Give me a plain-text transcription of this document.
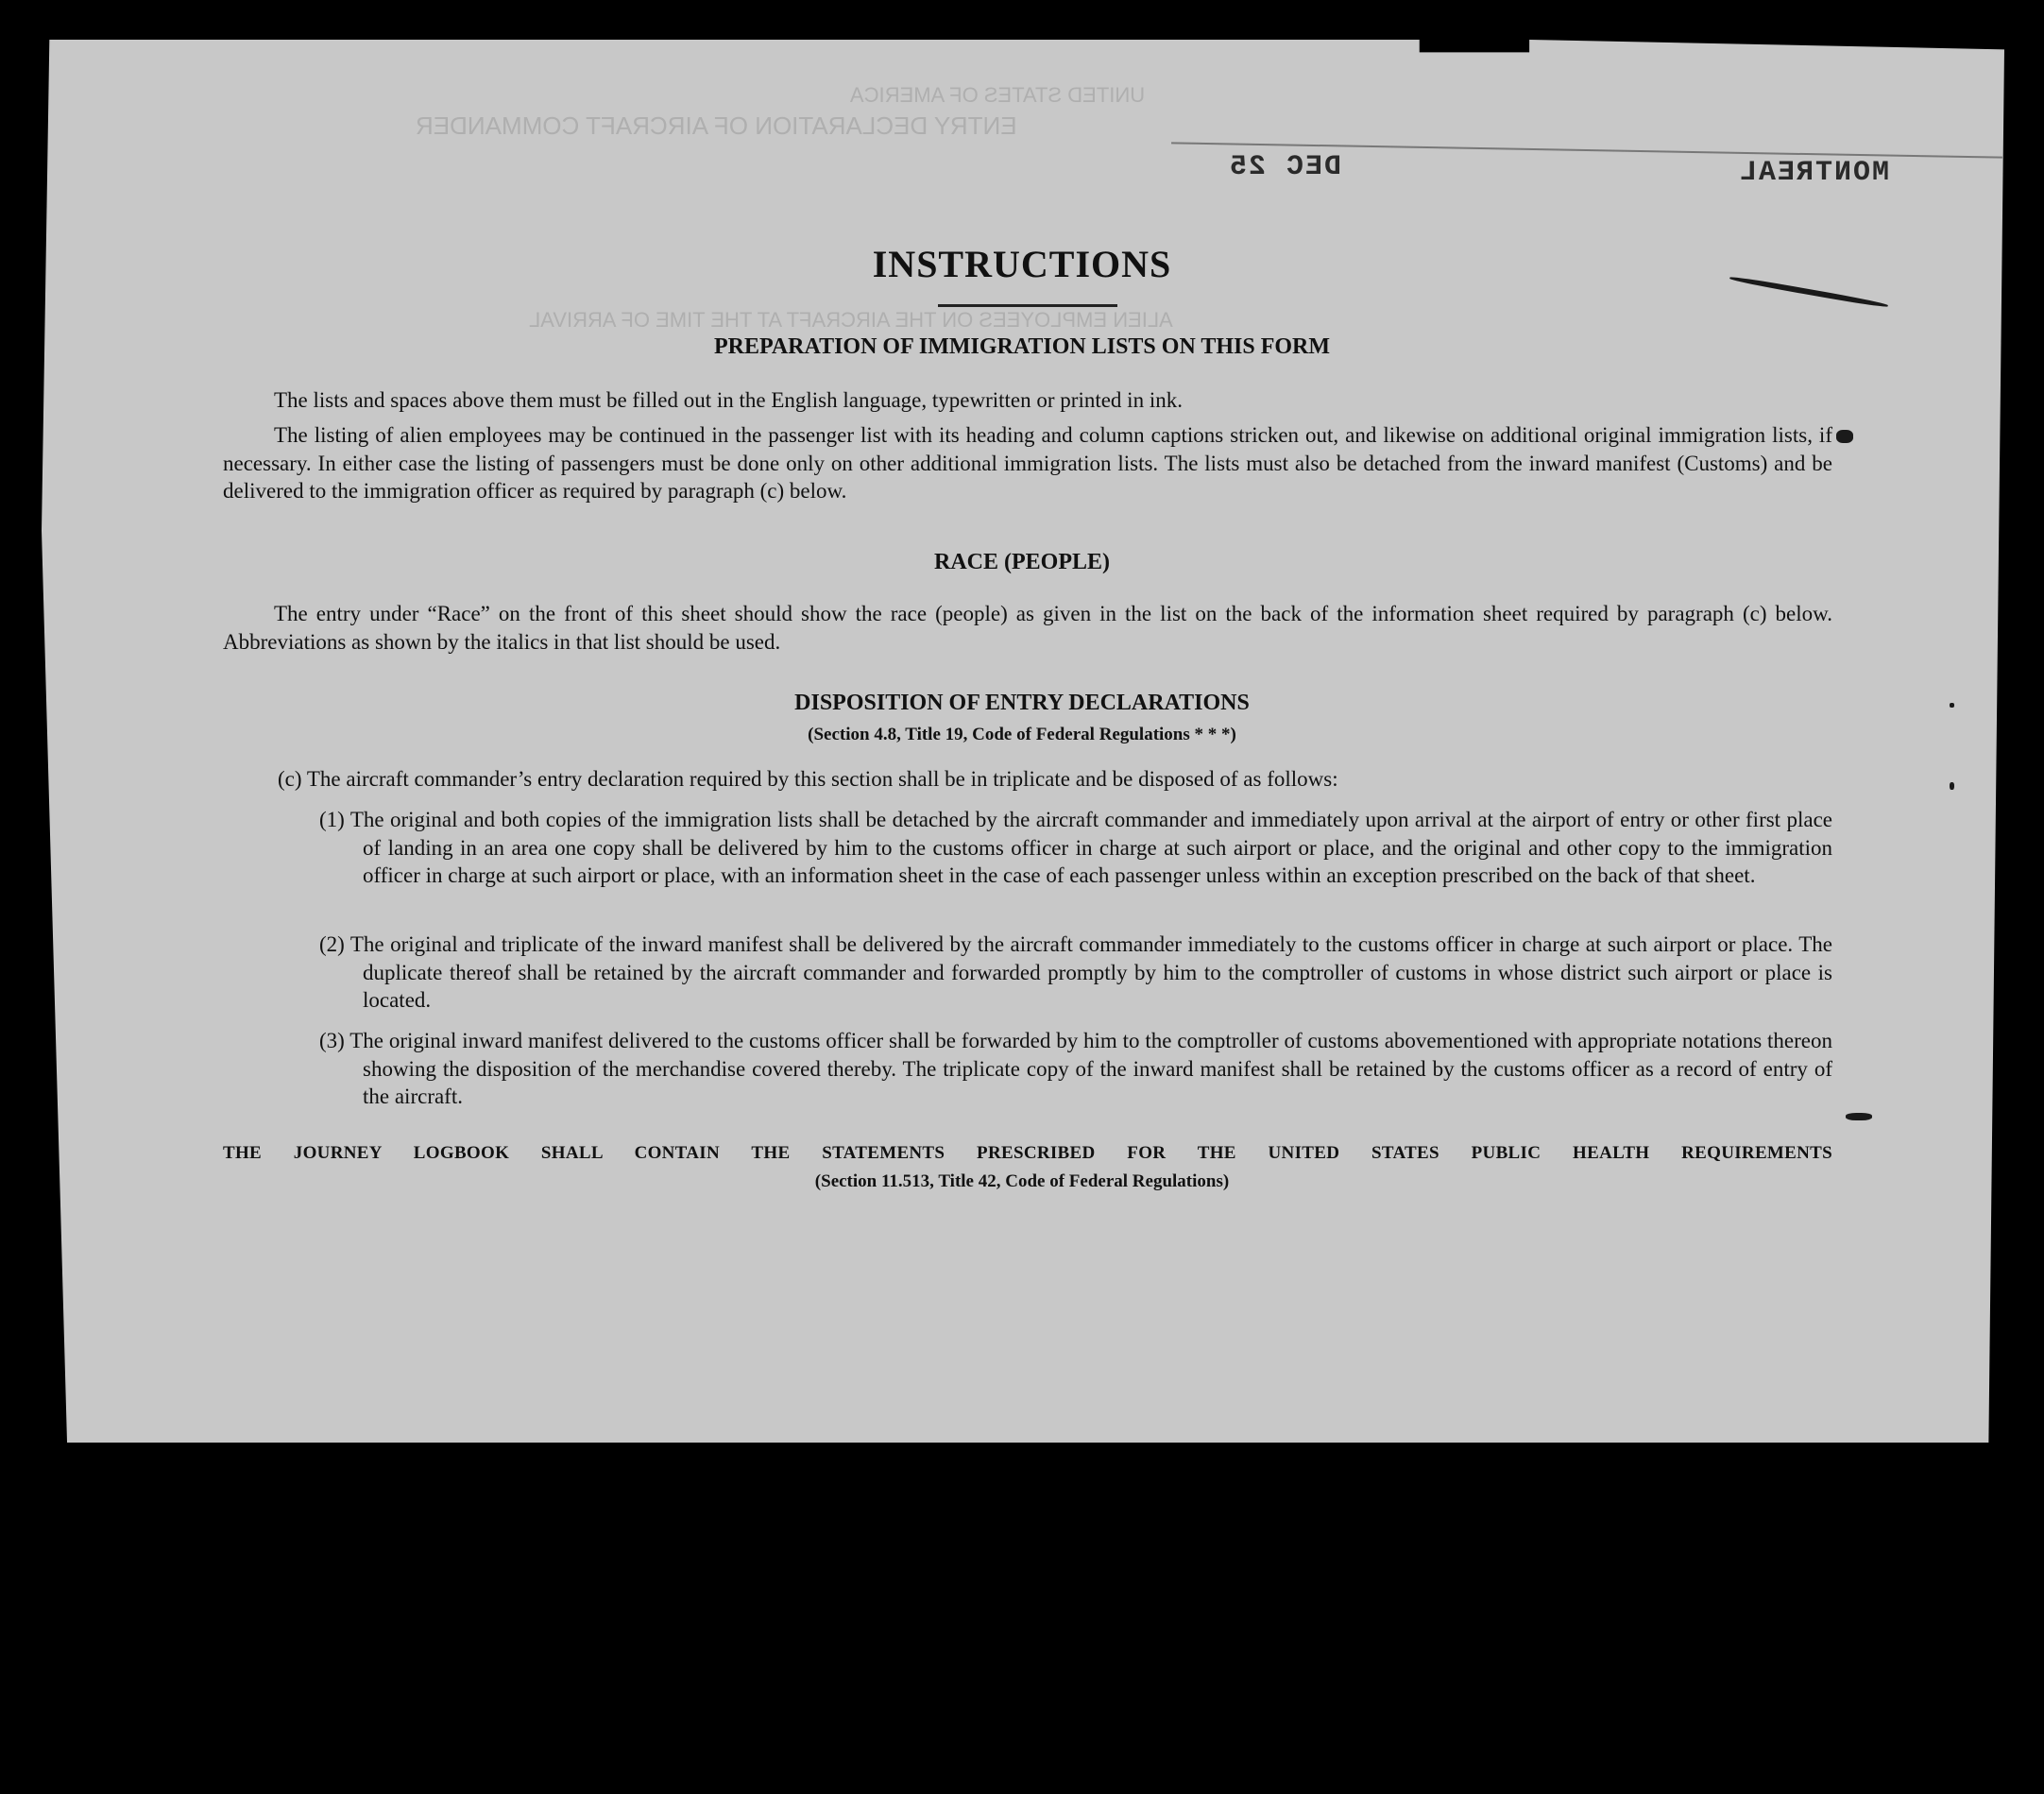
UNITED STATES OF AMERICA
ENTRY DECLARATION OF AIRCRAFT COMMANDER
ALIEN EMPLOYEES ON THE AIRCRAFT AT THE TIME OF ARRIVAL
MONTREAL
DEC 25
INSTRUCTIONS
PREPARATION OF IMMIGRATION LISTS ON THIS FORM
The lists and spaces above them must be filled out in the English language, typewritten or printed in ink.
The listing of alien employees may be continued in the passenger list with its heading and column captions stricken out, and likewise on additional original immigration lists, if necessary. In either case the listing of passengers must be done only on other additional immigration lists. The lists must also be detached from the inward manifest (Customs) and be delivered to the immigration officer as required by paragraph (c) below.
RACE (PEOPLE)
The entry under “Race” on the front of this sheet should show the race (people) as given in the list on the back of the information sheet required by paragraph (c) below. Abbreviations as shown by the italics in that list should be used.
DISPOSITION OF ENTRY DECLARATIONS
(Section 4.8, Title 19, Code of Federal Regulations * * *)
(c) The aircraft commander’s entry declaration required by this section shall be in triplicate and be disposed of as follows:
(1) The original and both copies of the immigration lists shall be detached by the aircraft commander and immediately upon arrival at the airport of entry or other first place of landing in an area one copy shall be delivered by him to the customs officer in charge at such airport or place, and the original and other copy to the immigration officer in charge at such airport or place, with an information sheet in the case of each passenger unless within an exception prescribed on the back of that sheet.
(2) The original and triplicate of the inward manifest shall be delivered by the aircraft commander immediately to the customs officer in charge at such airport or place. The duplicate thereof shall be retained by the aircraft commander and forwarded promptly by him to the comptroller of customs in whose district such airport or place is located.
(3) The original inward manifest delivered to the customs officer shall be forwarded by him to the comptroller of customs abovementioned with appropriate notations thereon showing the disposition of the merchandise covered thereby. The triplicate copy of the inward manifest shall be retained by the customs officer as a record of entry of the aircraft.
THE JOURNEY LOGBOOK SHALL CONTAIN THE STATEMENTS PRESCRIBED FOR THE UNITED STATES PUBLIC HEALTH REQUIREMENTS
(Section 11.513, Title 42, Code of Federal Regulations)
